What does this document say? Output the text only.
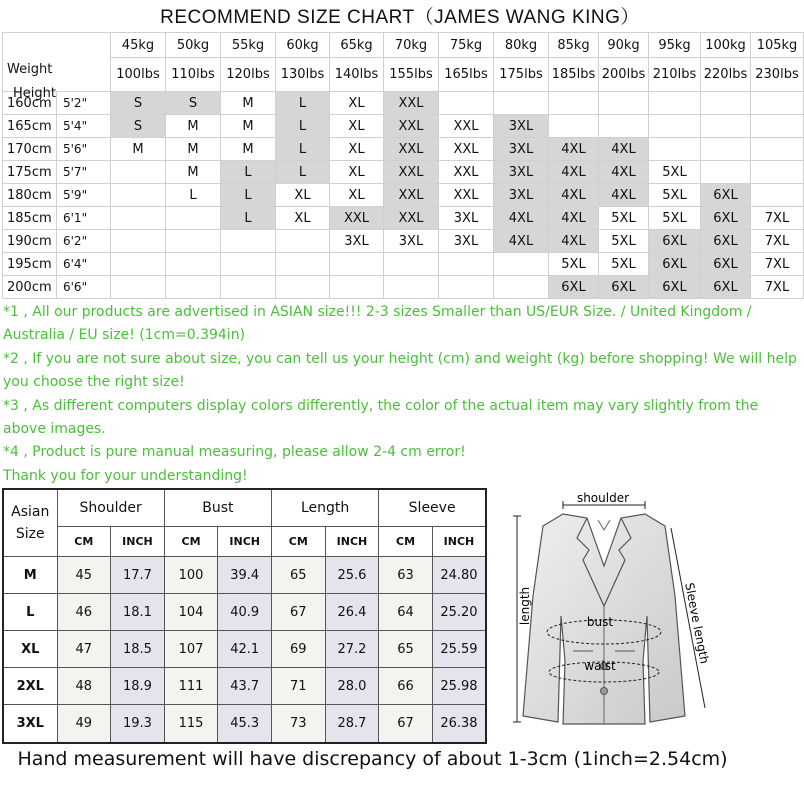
RECOMMEND SIZE CHART（JAMES WANG KING）
		45kg	50kg	55kg	60kg	65kg	70kg	75kg	80kg	85kg	90kg	95kg	100kg	105kg

Weight
Height		100lbs	110lbs	120lbs	130lbs	140lbs	155lbs	165lbs	175lbs	185lbs	200lbs	210lbs	220lbs	230lbs
160cm	5'2"	S	S	M	L	XL	XXL							
165cm	5'4"	S	M	M	L	XL	XXL	XXL	3XL					
170cm	5'6"	M	M	M	L	XL	XXL	XXL	3XL	4XL	4XL			
175cm	5'7"		M	L	L	XL	XXL	XXL	3XL	4XL	4XL	5XL		
180cm	5'9"		L	L	XL	XL	XXL	XXL	3XL	4XL	4XL	5XL	6XL	
185cm	6'1"			L	XL	XXL	XXL	3XL	4XL	4XL	5XL	5XL	6XL	7XL
190cm	6'2"					3XL	3XL	3XL	4XL	4XL	5XL	6XL	6XL	7XL
195cm	6'4"									5XL	5XL	6XL	6XL	7XL
200cm	6'6"									6XL	6XL	6XL	6XL	7XL
*1 , All our products are advertised in ASIAN size!!! 2-3 sizes Smaller than US/EUR Size. / United Kingdom / Australia / EU size! (1cm=0.394in)
*2 , If you are not sure about size, you can tell us your height (cm) and weight (kg) before shopping! We will help you choose the right size!
*3 , As different computers display colors differently, the color of the actual item may vary slightly from the above images.
*4 , Product is pure manual measuring, please allow 2-4 cm error!
Thank you for your understanding!
Asian Size	Shoulder		Bust		Length		Sleeve	
	CM	INCH	CM	INCH	CM	INCH	CM	INCH
M	45	17.7	100	39.4	65	25.6	63	24.80
L	46	18.1	104	40.9	67	26.4	64	25.20
XL	47	18.5	107	42.1	69	27.2	65	25.59
2XL	48	18.9	111	43.7	71	28.0	66	25.98
3XL	49	19.3	115	45.3	73	28.7	67	26.38
shoulder
bust
waist
length	Sleeve length
Hand measurement will have discrepancy of about 1-3cm (1inch=2.54cm)
